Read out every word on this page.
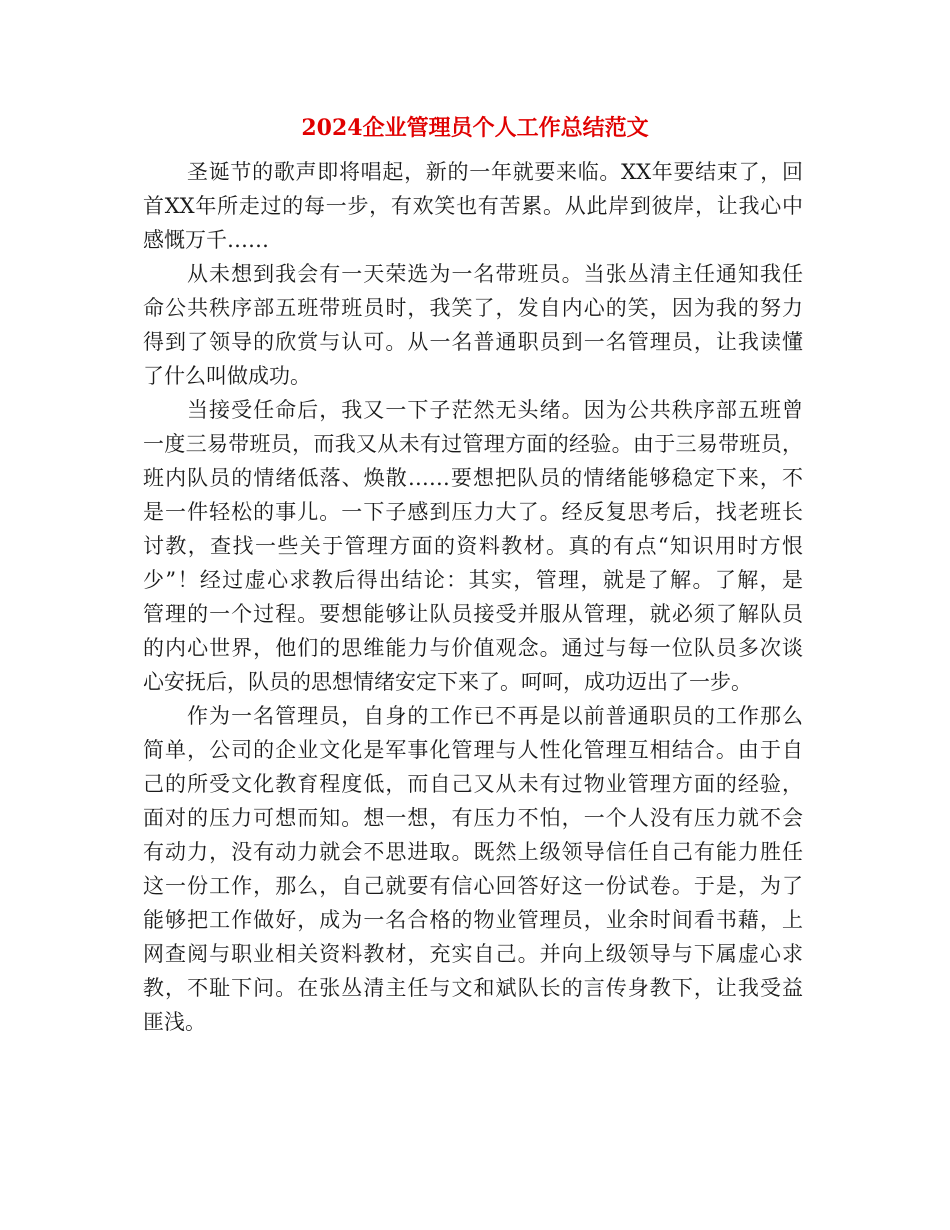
2024企业管理员个人工作总结范文
圣诞节的歌声即将唱起，新的一年就要来临。XX年要结束了，回
首XX年所走过的每一步，有欢笑也有苦累。从此岸到彼岸，让我心中
感慨万千……
从未想到我会有一天荣选为一名带班员。当张丛清主任通知我任
命公共秩序部五班带班员时，我笑了，发自内心的笑，因为我的努力
得到了领导的欣赏与认可。从一名普通职员到一名管理员，让我读懂
了什么叫做成功。
当接受任命后，我又一下子茫然无头绪。因为公共秩序部五班曾
一度三易带班员，而我又从未有过管理方面的经验。由于三易带班员，
班内队员的情绪低落、焕散……要想把队员的情绪能够稳定下来，不
是一件轻松的事儿。一下子感到压力大了。经反复思考后，找老班长
讨教，查找一些关于管理方面的资料教材。真的有点“知识用时方恨
少”！经过虚心求教后得出结论：其实，管理，就是了解。了解，是
管理的一个过程。要想能够让队员接受并服从管理，就必须了解队员
的内心世界，他们的思维能力与价值观念。通过与每一位队员多次谈
心安抚后，队员的思想情绪安定下来了。呵呵，成功迈出了一步。
作为一名管理员，自身的工作已不再是以前普通职员的工作那么
简单，公司的企业文化是军事化管理与人性化管理互相结合。由于自
己的所受文化教育程度低，而自己又从未有过物业管理方面的经验，
面对的压力可想而知。想一想，有压力不怕，一个人没有压力就不会
有动力，没有动力就会不思进取。既然上级领导信任自己有能力胜任
这一份工作，那么，自己就要有信心回答好这一份试卷。于是，为了
能够把工作做好，成为一名合格的物业管理员，业余时间看书藉，上
网查阅与职业相关资料教材，充实自己。并向上级领导与下属虚心求
教，不耻下问。在张丛清主任与文和斌队长的言传身教下，让我受益
匪浅。
